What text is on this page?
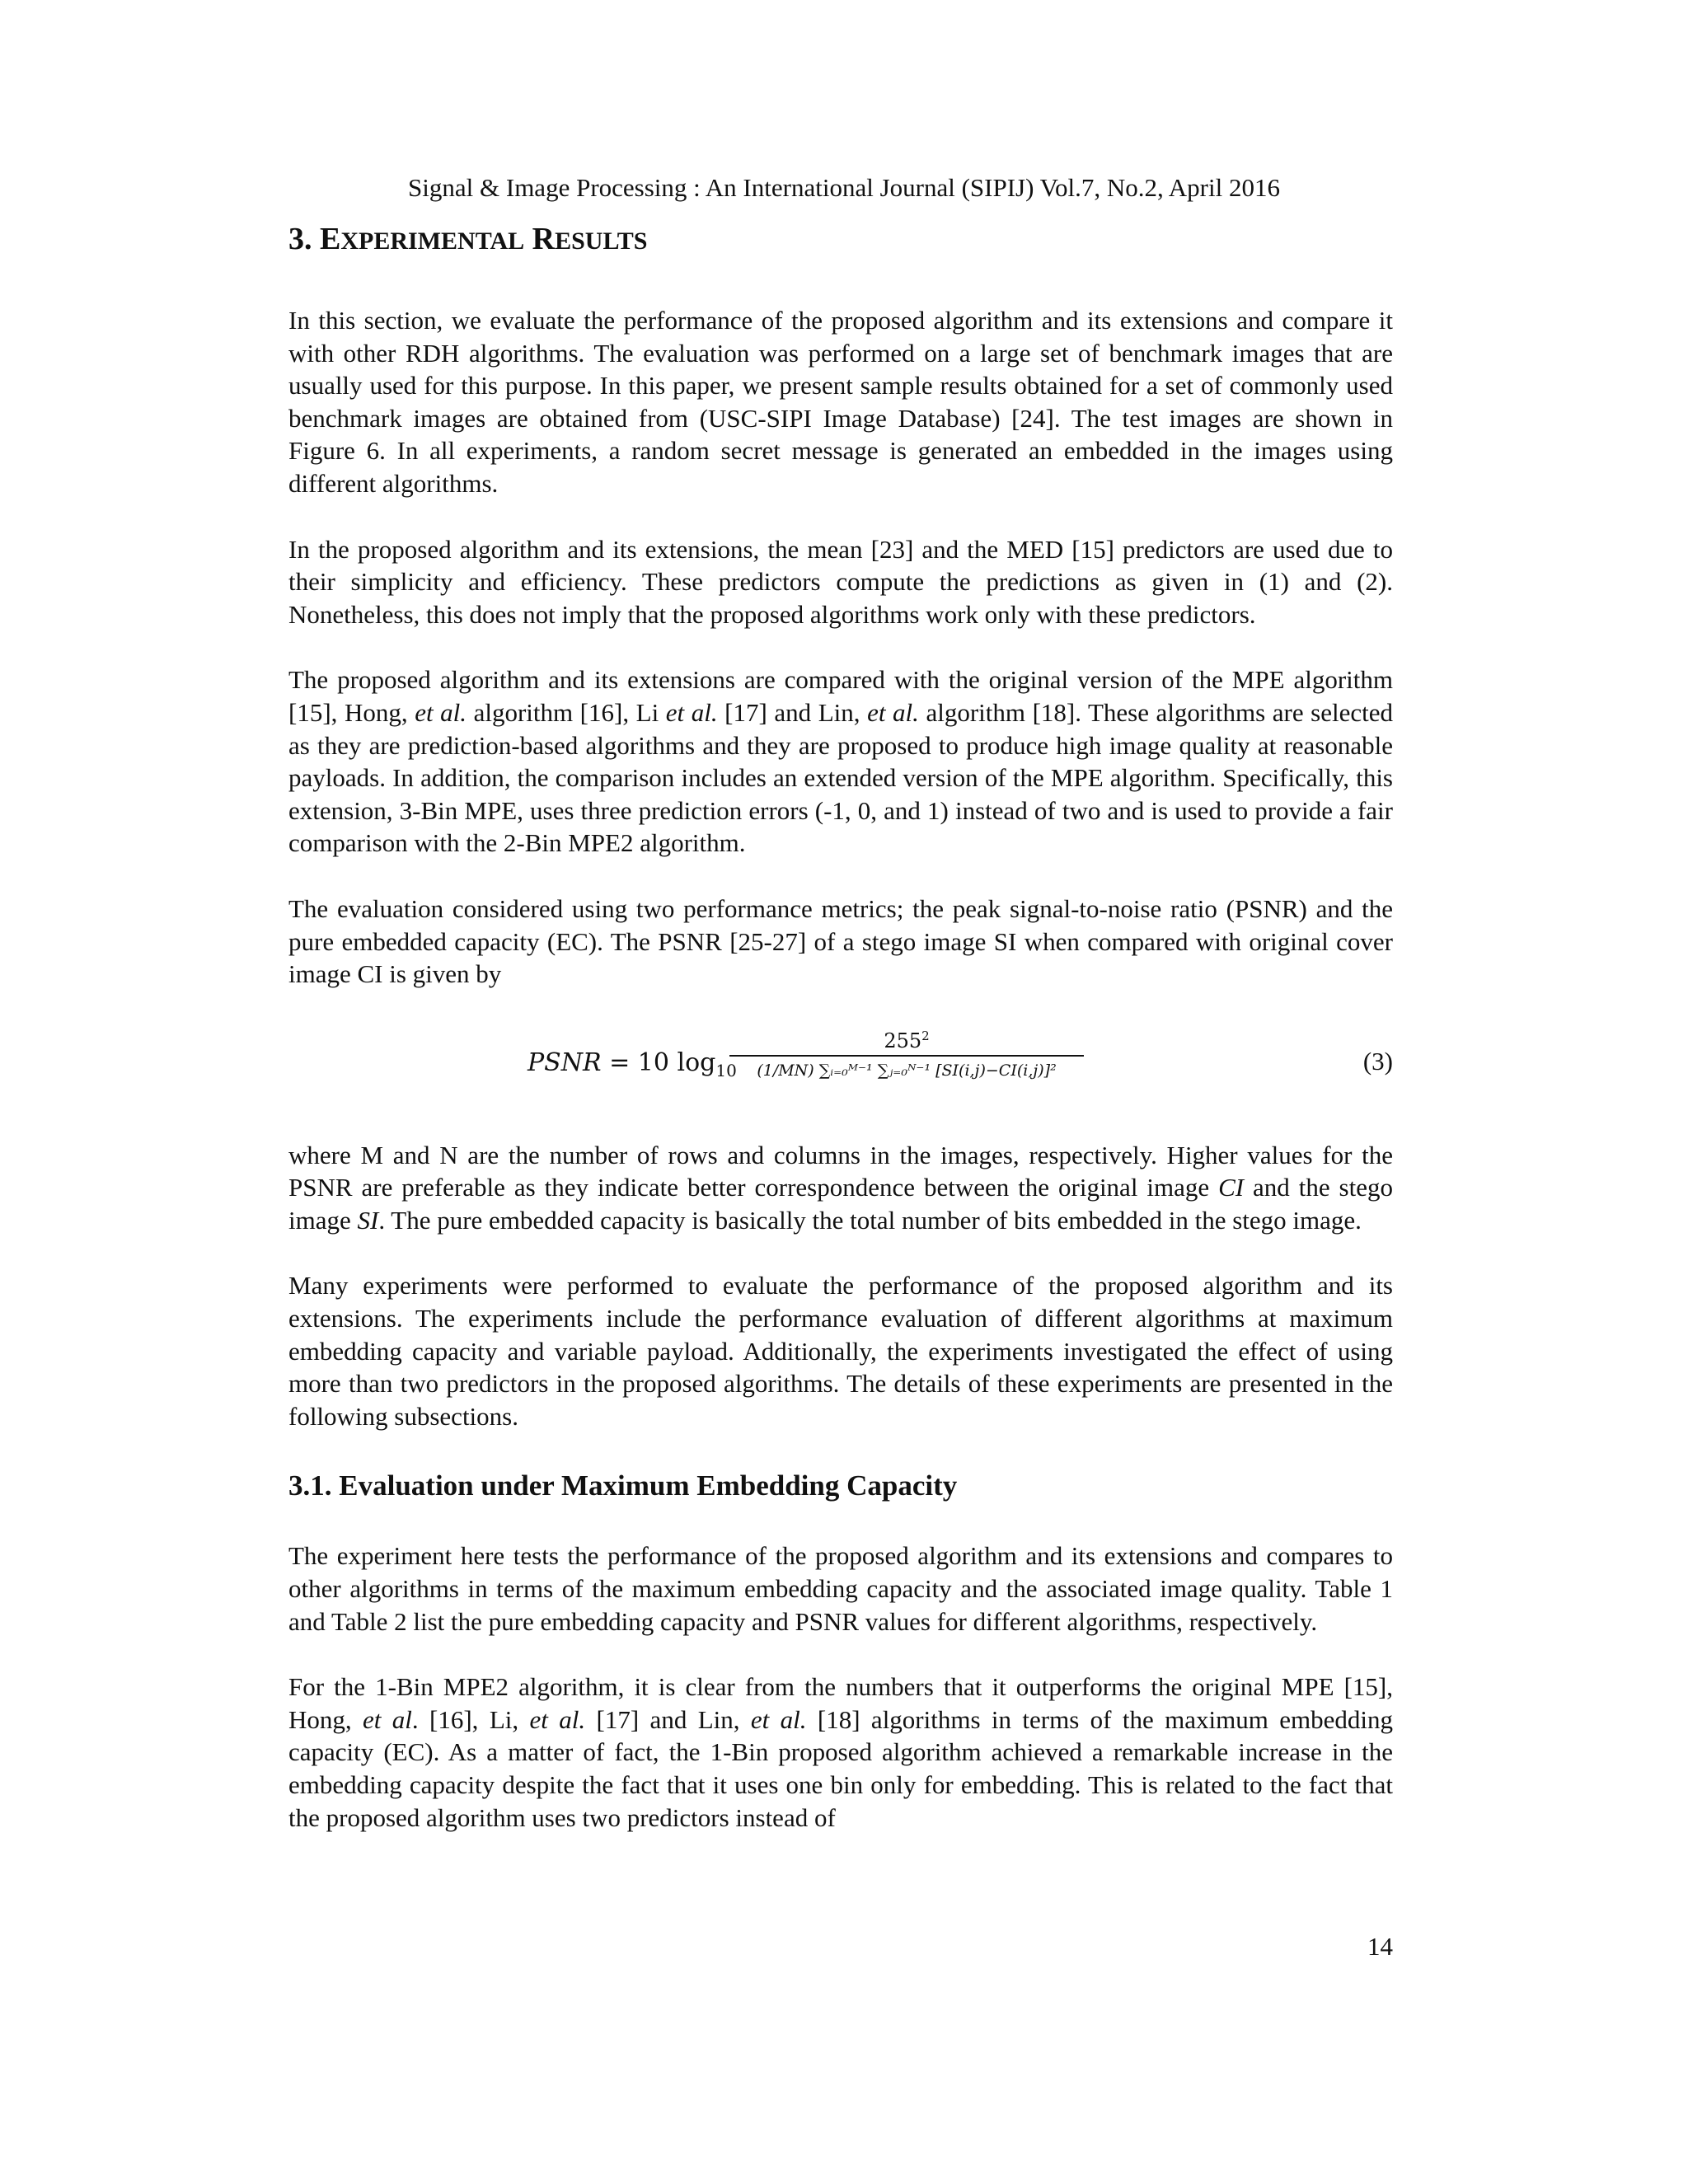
Signal & Image Processing : An International Journal (SIPIJ) Vol.7, No.2, April 2016
3. EXPERIMENTAL RESULTS

In this section, we evaluate the performance of the proposed algorithm and its extensions and compare it with other RDH algorithms. The evaluation was performed on a large set of benchmark images that are usually used for this purpose. In this paper, we present sample results obtained for a set of commonly used benchmark images are obtained from (USC-SIPI Image Database) [24]. The test images are shown in Figure 6. In all experiments, a random secret message is generated an embedded in the images using different algorithms.

In the proposed algorithm and its extensions, the mean [23] and the MED [15] predictors are used due to their simplicity and efficiency. These predictors compute the predictions as given in (1) and (2). Nonetheless, this does not imply that the proposed algorithms work only with these predictors.

The proposed algorithm and its extensions are compared with the original version of the MPE algorithm [15], Hong, et al. algorithm [16], Li et al. [17] and Lin, et al. algorithm [18]. These algorithms are selected as they are prediction-based algorithms and they are proposed to produce high image quality at reasonable payloads. In addition, the comparison includes an extended version of the MPE algorithm. Specifically, this extension, 3-Bin MPE, uses three prediction errors (-1, 0, and 1) instead of two and is used to provide a fair comparison with the 2-Bin MPE2 algorithm.

The evaluation considered using two performance metrics; the peak signal-to-noise ratio (PSNR) and the pure embedded capacity (EC). The PSNR [25-27] of a stego image SI when compared with original cover image CI is given by

PSNR = 10 $\log_{10}$
$255^2$
(1/MN) ∑ᵢ₌₀ᴹ⁻¹ ∑ⱼ₌₀ᴺ⁻¹ [SI(i,j)−CI(i,j)]²	(3)

where M and N are the number of rows and columns in the images, respectively. Higher values for the PSNR are preferable as they indicate better correspondence between the original image CI and the stego image SI. The pure embedded capacity is basically the total number of bits embedded in the stego image.

Many experiments were performed to evaluate the performance of the proposed algorithm and its extensions. The experiments include the performance evaluation of different algorithms at maximum embedding capacity and variable payload. Additionally, the experiments investigated the effect of using more than two predictors in the proposed algorithms. The details of these experiments are presented in the following subsections.

3.1. Evaluation under Maximum Embedding Capacity

The experiment here tests the performance of the proposed algorithm and its extensions and compares to other algorithms in terms of the maximum embedding capacity and the associated image quality. Table 1 and Table 2 list the pure embedding capacity and PSNR values for different algorithms, respectively.

For the 1-Bin MPE2 algorithm, it is clear from the numbers that it outperforms the original MPE [15], Hong, et al. [16], Li, et al. [17] and Lin, et al. [18] algorithms in terms of the maximum embedding capacity (EC). As a matter of fact, the 1-Bin proposed algorithm achieved a remarkable increase in the embedding capacity despite the fact that it uses one bin only for embedding. This is related to the fact that the proposed algorithm uses two predictors instead of

14
